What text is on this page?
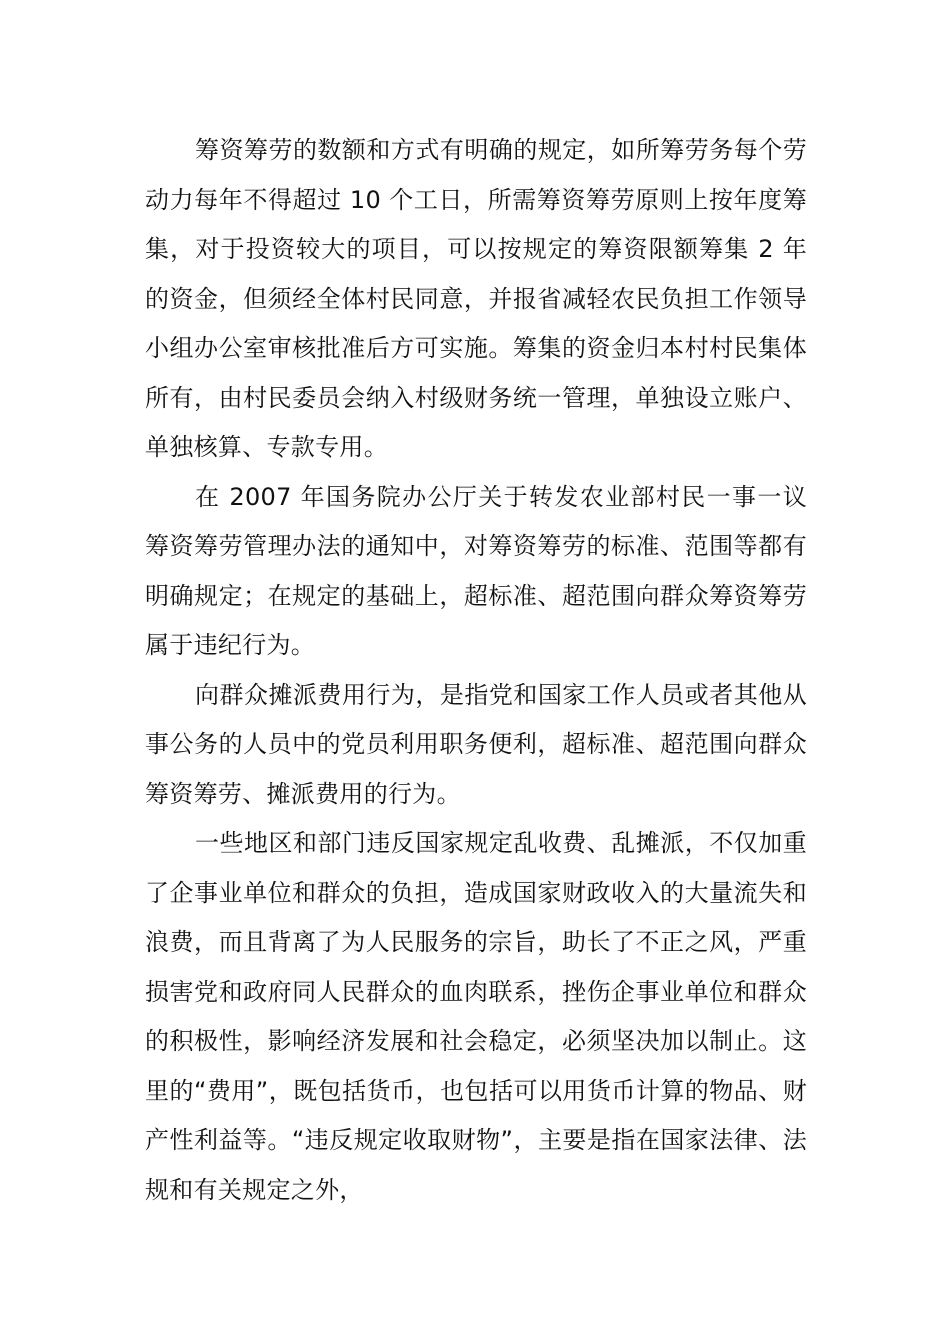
筹资筹劳的数额和方式有明确的规定，如所筹劳务每个劳动力每年不得超过 10 个工日，所需筹资筹劳原则上按年度筹集，对于投资较大的项目，可以按规定的筹资限额筹集 2 年的资金，但须经全体村民同意，并报省减轻农民负担工作领导小组办公室审核批准后方可实施。筹集的资金归本村村民集体所有，由村民委员会纳入村级财务统一管理，单独设立账户、单独核算、专款专用。

在 2007 年国务院办公厅关于转发农业部村民一事一议筹资筹劳管理办法的通知中，对筹资筹劳的标准、范围等都有明确规定；在规定的基础上，超标准、超范围向群众筹资筹劳属于违纪行为。

向群众摊派费用行为，是指党和国家工作人员或者其他从事公务的人员中的党员利用职务便利，超标准、超范围向群众筹资筹劳、摊派费用的行为。

一些地区和部门违反国家规定乱收费、乱摊派，不仅加重了企事业单位和群众的负担，造成国家财政收入的大量流失和浪费，而且背离了为人民服务的宗旨，助长了不正之风，严重损害党和政府同人民群众的血肉联系，挫伤企事业单位和群众的积极性，影响经济发展和社会稳定，必须坚决加以制止。这里的“费用”，既包括货币，也包括可以用货币计算的物品、财产性利益等。“违反规定收取财物”，主要是指在国家法律、法规和有关规定之外，
